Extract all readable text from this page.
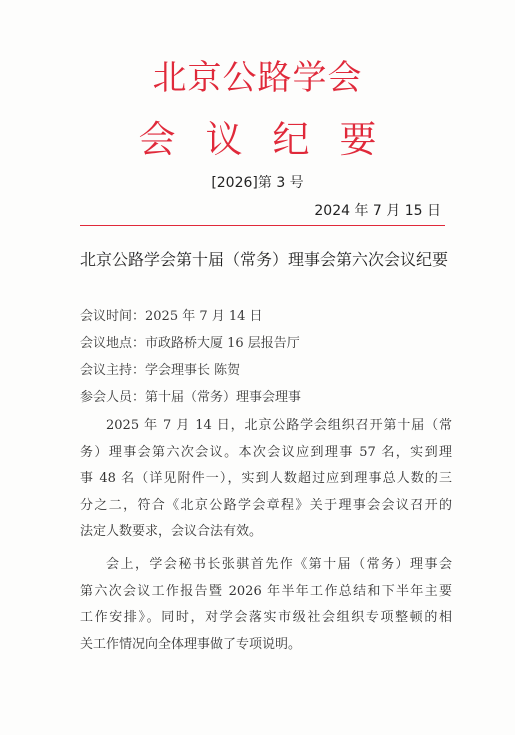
北京公路学会
会议纪要
[2026]第 3 号
2024 年 7 月 15 日
北京公路学会第十届（常务）理事会第六次会议纪要
会议时间：2025 年 7 月 14 日
会议地点：市政路桥大厦 16 层报告厅
会议主持：学会理事长 陈贺
参会人员：第十届（常务）理事会理事
2025 年 7 月 14 日，北京公路学会组织召开第十届（常
务）理事会第六次会议。本次会议应到理事 57 名，实到理
事 48 名（详见附件一），实到人数超过应到理事总人数的三
分之二，符合《北京公路学会章程》关于理事会会议召开的
法定人数要求，会议合法有效。
会上，学会秘书长张骐首先作《第十届（常务）理事会
第六次会议工作报告暨 2026 年半年工作总结和下半年主要
工作安排》。同时，对学会落实市级社会组织专项整顿的相
关工作情况向全体理事做了专项说明。
